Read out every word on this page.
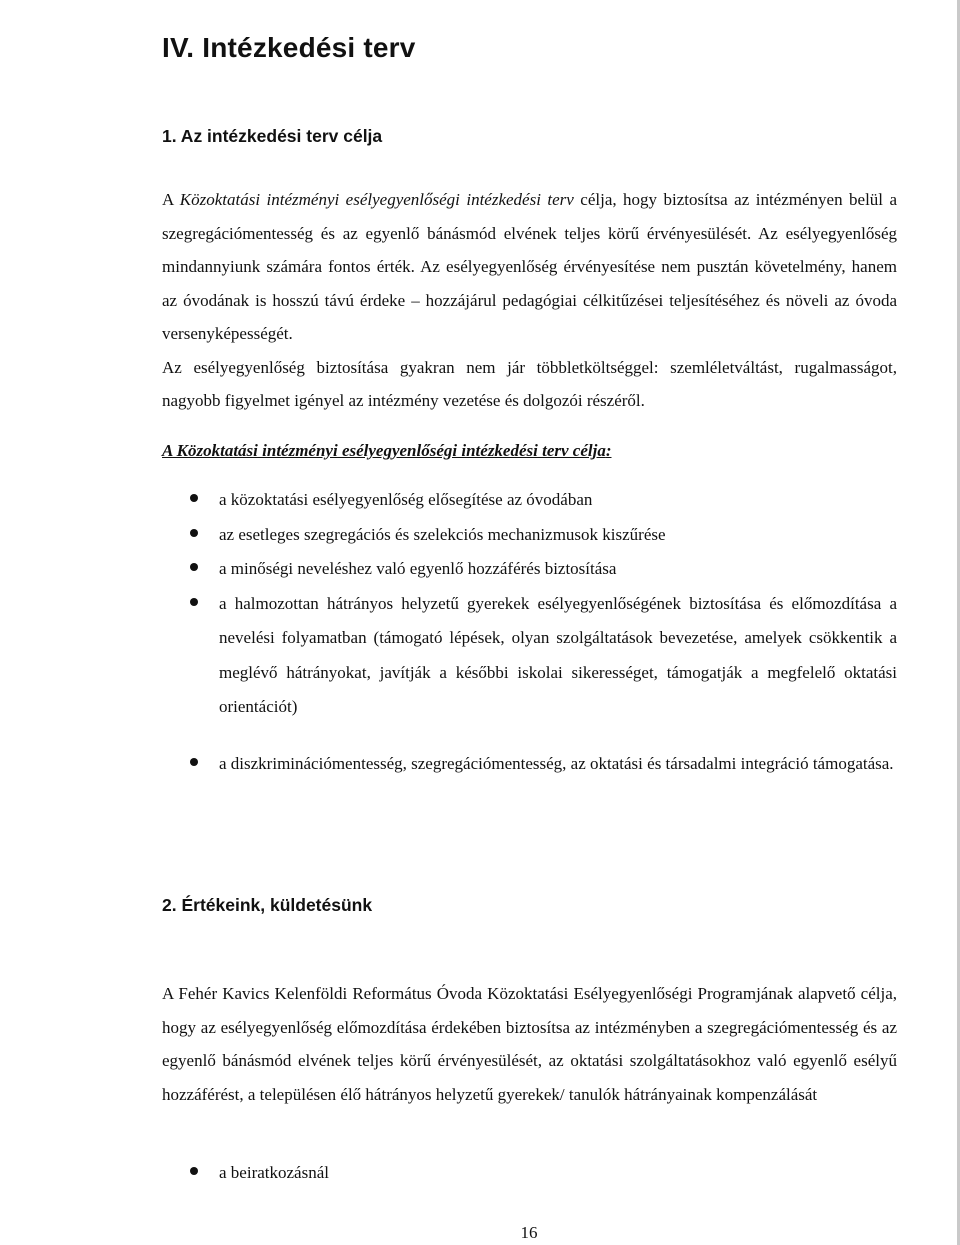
IV. Intézkedési terv
1. Az intézkedési terv célja

A Közoktatási intézményi esélyegyenlőségi intézkedési terv célja, hogy biztosítsa az intézményen belül a szegregációmentesség és az egyenlő bánásmód elvének teljes körű érvényesülését. Az esélyegyenlőség mindannyiunk számára fontos érték. Az esélyegyenlőség érvényesítése nem pusztán követelmény, hanem az óvodának is hosszú távú érdeke – hozzájárul pedagógiai célkitűzései teljesítéséhez és növeli az óvoda versenyképességét.

Az esélyegyenlőség biztosítása gyakran nem jár többletköltséggel: szemléletváltást, rugalmasságot, nagyobb figyelmet igényel az intézmény vezetése és dolgozói részéről.

A Közoktatási intézményi esélyegyenlőségi intézkedési terv célja:

a közoktatási esélyegyenlőség elősegítése az óvodában
az esetleges szegregációs és szelekciós mechanizmusok kiszűrése
a minőségi neveléshez való egyenlő hozzáférés biztosítása
a halmozottan hátrányos helyzetű gyerekek esélyegyenlőségének biztosítása és előmozdítása a nevelési folyamatban (támogató lépések, olyan szolgáltatások bevezetése, amelyek csökkentik a meglévő hátrányokat, javítják a későbbi iskolai sikerességet, támogatják a megfelelő oktatási orientációt)
a diszkriminációmentesség, szegregációmentesség, az oktatási és társadalmi integráció támogatása.
2. Értékeink, küldetésünk

A Fehér Kavics Kelenföldi Református Óvoda Közoktatási Esélyegyenlőségi Programjának alapvető célja, hogy az esélyegyenlőség előmozdítása érdekében biztosítsa az intézményben a szegregációmentesség és az egyenlő bánásmód elvének teljes körű érvényesülését, az oktatási szolgáltatásokhoz való egyenlő esélyű hozzáférést, a településen élő hátrányos helyzetű gyerekek/ tanulók hátrányainak kompenzálását

a beiratkozásnál
16
